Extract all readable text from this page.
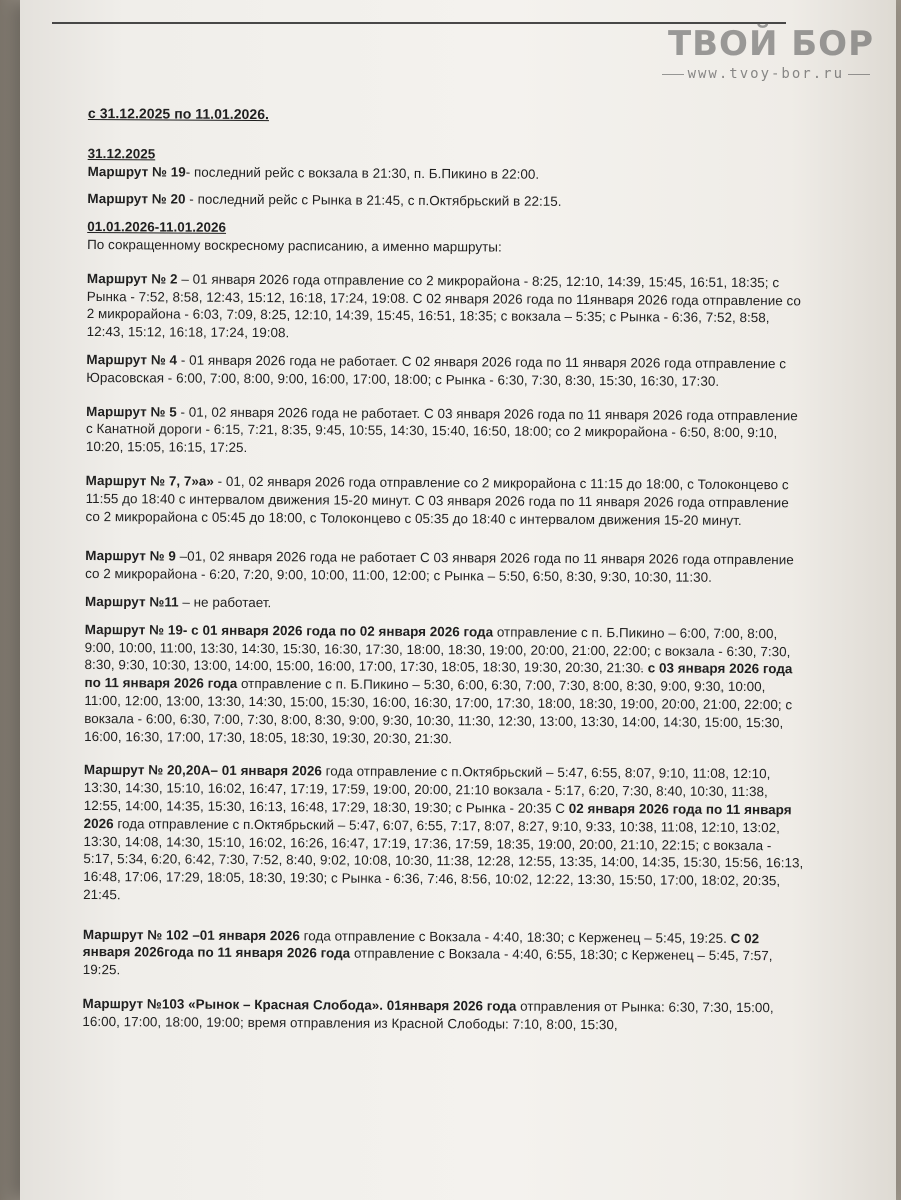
ТВОЙ БОР
www.tvoy-bor.ru

с 31.12.2025 по 11.01.2026.

31.12.2025

Маршрут № 19- последний рейс с вокзала в 21:30, п. Б.Пикино в 22:00.

Маршрут № 20 - последний рейс с Рынка в 21:45, с п.Октябрьский в 22:15.

01.01.2026-11.01.2026

По сокращенному воскресному расписанию, а именно маршруты:

Маршрут № 2 – 01 января 2026 года отправление со 2 микрорайона - 8:25, 12:10, 14:39, 15:45, 16:51, 18:35; с Рынка - 7:52, 8:58, 12:43, 15:12, 16:18, 17:24, 19:08. С 02 января 2026 года по 11января 2026 года отправление со 2 микрорайона - 6:03, 7:09, 8:25, 12:10, 14:39, 15:45, 16:51, 18:35; с вокзала – 5:35; с Рынка - 6:36, 7:52, 8:58, 12:43, 15:12, 16:18, 17:24, 19:08.

Маршрут № 4 - 01 января 2026 года не работает. С 02 января 2026 года по 11 января 2026 года отправление с Юрасовская - 6:00, 7:00, 8:00, 9:00, 16:00, 17:00, 18:00; с Рынка - 6:30, 7:30, 8:30, 15:30, 16:30, 17:30.

Маршрут № 5 - 01, 02 января 2026 года не работает. С 03 января 2026 года по 11 января 2026 года отправление с Канатной дороги - 6:15, 7:21, 8:35, 9:45, 10:55, 14:30, 15:40, 16:50, 18:00; со 2 микрорайона - 6:50, 8:00, 9:10, 10:20, 15:05, 16:15, 17:25.

Маршрут № 7, 7»а» - 01, 02 января 2026 года отправление со 2 микрорайона с 11:15 до 18:00, с Толоконцево с 11:55 до 18:40 с интервалом движения 15-20 минут. С 03 января 2026 года по 11 января 2026 года отправление со 2 микрорайона с 05:45 до 18:00, с Толоконцево с 05:35 до 18:40 с интервалом движения 15-20 минут.

Маршрут № 9 –01, 02 января 2026 года не работает С 03 января 2026 года по 11 января 2026 года отправление со 2 микрорайона - 6:20, 7:20, 9:00, 10:00, 11:00, 12:00; с Рынка – 5:50, 6:50, 8:30, 9:30, 10:30, 11:30.

Маршрут №11 – не работает.

Маршрут № 19- с 01 января 2026 года по 02 января 2026 года отправление с п. Б.Пикино – 6:00, 7:00, 8:00, 9:00, 10:00, 11:00, 13:30, 14:30, 15:30, 16:30, 17:30, 18:00, 18:30, 19:00, 20:00, 21:00, 22:00; с вокзала - 6:30, 7:30, 8:30, 9:30, 10:30, 13:00, 14:00, 15:00, 16:00, 17:00, 17:30, 18:05, 18:30, 19:30, 20:30, 21:30. с 03 января 2026 года по 11 января 2026 года отправление с п. Б.Пикино – 5:30, 6:00, 6:30, 7:00, 7:30, 8:00, 8:30, 9:00, 9:30, 10:00, 11:00, 12:00, 13:00, 13:30, 14:30, 15:00, 15:30, 16:00, 16:30, 17:00, 17:30, 18:00, 18:30, 19:00, 20:00, 21:00, 22:00; с вокзала - 6:00, 6:30, 7:00, 7:30, 8:00, 8:30, 9:00, 9:30, 10:30, 11:30, 12:30, 13:00, 13:30, 14:00, 14:30, 15:00, 15:30, 16:00, 16:30, 17:00, 17:30, 18:05, 18:30, 19:30, 20:30, 21:30.

Маршрут № 20,20А– 01 января 2026 года отправление с п.Октябрьский – 5:47, 6:55, 8:07, 9:10, 11:08, 12:10, 13:30, 14:30, 15:10, 16:02, 16:47, 17:19, 17:59, 19:00, 20:00, 21:10 вокзала - 5:17, 6:20, 7:30, 8:40, 10:30, 11:38, 12:55, 14:00, 14:35, 15:30, 16:13, 16:48, 17:29, 18:30, 19:30; с Рынка - 20:35 С 02 января 2026 года по 11 января 2026 года отправление с п.Октябрьский – 5:47, 6:07, 6:55, 7:17, 8:07, 8:27, 9:10, 9:33, 10:38, 11:08, 12:10, 13:02, 13:30, 14:08, 14:30, 15:10, 16:02, 16:26, 16:47, 17:19, 17:36, 17:59, 18:35, 19:00, 20:00, 21:10, 22:15; с вокзала - 5:17, 5:34, 6:20, 6:42, 7:30, 7:52, 8:40, 9:02, 10:08, 10:30, 11:38, 12:28, 12:55, 13:35, 14:00, 14:35, 15:30, 15:56, 16:13, 16:48, 17:06, 17:29, 18:05, 18:30, 19:30; с Рынка - 6:36, 7:46, 8:56, 10:02, 12:22, 13:30, 15:50, 17:00, 18:02, 20:35, 21:45.

Маршрут № 102 –01 января 2026 года отправление с Вокзала - 4:40, 18:30; с Керженец – 5:45, 19:25. С 02 января 2026года по 11 января 2026 года отправление с Вокзала - 4:40, 6:55, 18:30; с Керженец – 5:45, 7:57, 19:25.

Маршрут №103 «Рынок – Красная Слобода». 01января 2026 года отправления от Рынка: 6:30, 7:30, 15:00, 16:00, 17:00, 18:00, 19:00; время отправления из Красной Слободы: 7:10, 8:00, 15:30,
